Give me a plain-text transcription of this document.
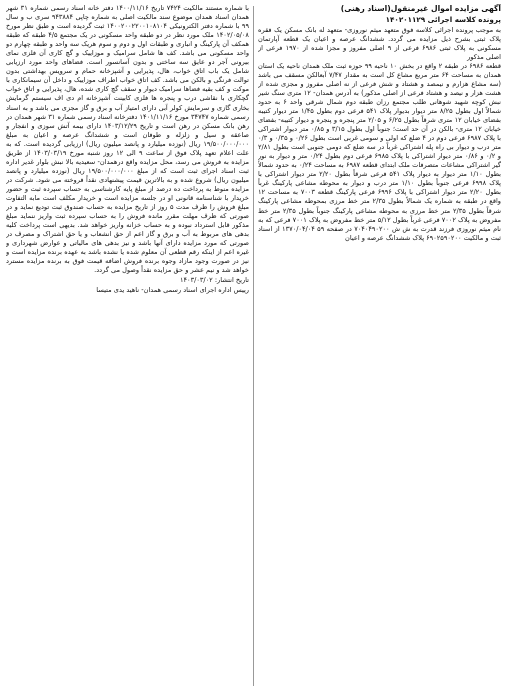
آگهی مزایده اموال غیرمنقول(اسناد رهنی)

پرونده کلاسه اجرائی ۱۴۰۲۰۱۱۲۹

به موجب پرونده اجرائی کلاسه فوق متعهد میثم نوروزی- متعهد له بانک مسکن یک فقره پلاک ثبتی بشرح ذیل مزایده می گردد. ششدانگ عرصه و اعیان یک قطعه آپارتمان مسکونی به پلاک ثبتی ۶۹۸۶ فرعی از ۹ اصلی مفروز و مجزا شده از ۱۹۷۰ فرعی از اصلی مذکور

قطعه ۶۹۸۶ در طبقه ۲ واقع در بخش ۱۰ ناحیه ۹۹ حوزه ثبت ملک همدان ناحیه یک استان همدان به مساحت ۶۴ متر مربع مشاع کل است به مقدار ۷/۴۷ آبعالکن مسقف می باشد (سه مشاع هزارم و نیمصد و هشتاد و شش فرعی از نه اصلی مفروز و مجزی شده از هشت هزار و نیصد و هشتاد فرعی از اصلی مذکور) به آدرس همدان- ۱۲ متری سنگ شیر نبش کوچه شهید شوهانی طلب مجتمع رزان طبقه دوم شمال شرقی واحد ۶ به حدود شمالاً اول بطول ۸/۲۵ متر دیوار بدیوار پلاک ۵۴۱ فرعی دوم بطول ۱/۴۵ متر دیوار کتیبه بفضای خیابان ۱۲ متری شرقاً بطول ۶/۲۵ و ۲/۰۵ متر پنجره و پنجره و دیوار کتیبه- بفضای خیابان ۱۲ متری- بالکن در آن حد است؛ جنوباً اول بطول ۳/۱۵ و ۰/۸۵ متر دیوار اشتراکی با پلاک ۶۹۸۷ فرعی دوم در ۴ ضلع که اولی و سومی غربی است بطول ۰/۲۶ و ۰/۳۵ و ۰/۳ متر درب و دیوار بی راه پله اشتراکی غرباً در سه ضلع که دومی جنوبی است بطول ۲/۸۱ و ۰/۲ و ۰/۸۶ متر دیوار اشتراکی با پلاک ۶۹۸۵ فرعی دوم بطول ۰/۲۴ متر و دیوار به نور گیر اشتراکی مشاعات متصرفات ملک ابتدای قطعه ۶۹۸۷ به مساحت ۰/۲۴ به حدود شمالاً بطول ۱/۱۰ متر دیوار به دیوار پلاک ۵۴۱ فرعی شرقاً بطول ۲/۲۰ متر دیوار اشتراکی با پلاک ۶۹۹۸ فرعی جنوباً بطول ۱/۱۰ متر درب و دیوار به محوطه مشاعی پارکینگ غرباً بطول ۲/۲۰ متر دیوار اشتراکی با پلاک ۶۹۹۶ فرعی پارکینگ قطعه ۷۰۰۳ به مساحت ۱۲ واقع در طبقه به شماره یک شمالاً بطول ۲/۳۵ متر خط مرزی بمحوطه مشاعی پارکینگ شرقاً بطول ۲/۳۵ متر خط مرزی به محوطه مشاعی پارکینگ جنوباً بطول ۲/۳۵ متر خط مفروض به پلاک ۷۰۰۲ فرعی غرباً بطول ۵/۱۲ متر خط مفروض به پلاک ۷۰۰۱ فرعی که به نام میثم نوروزی فرزند قدرت به ش ش ۷۰۴۰۴۹۰۲۰۰ در صفحه ۵۹ ۱۳۷۰/۰۴/۰۴ از اسناد ثبت و مالکیت ۶۹۰۲۵۹۰۲۰۰ پلاک ششدانگ عرصه و اعیان

با شماره مستند مالکیت ۷۴۲۴ تاریخ ۱۴۰۰/۱۱/۱۶ دفتر خانه اسناد رسمی شماره ۳۱ شهر همدان اسناد همدان موضوع سند مالکیت اصلی به شماره چاپی ۹۴۳۸۸۴ سری ب و سال ۹۹ با شماره دفتر الکترونیکی ۱۴۰۰۲۰۰۲۲۰۰۱۰۸۱۰۴ ثبت گردیده است و طبق نظر مورخ ۱۴۰۲/۰۵/۰۸ ملک مورد نظر در دو طبقه واحد مسکونی در یک مجتمع ۴/۵ طبقه که طبقه همکف آن پارکینگ و انباری و طبقات اول و دوم و سوم هریک سه واحد و طبقه چهارم دو واحد مسکونی می باشد. کف ها شامل سرامیک و موزاییک و گچ کاری آن فلزی نمای بیرونی آجر دو عایق سه ساختی و بدون آسانسور است. فضاهای واحد مورد ارزیابی شامل یک باب اتاق خواب، هال، پذیرایی و آشپزخانه حمام و سرویس بهداشتی بدون توالت فرنگی و بالکن می باشد. کف اتاق خواب اطراف موزاییک و داخل آن سیمانکاری با موکت و کف بقیه فضاها سرامیک دیوار و سقف گچ کاری شده، هال، پذیرایی و اتاق خواب گچکاری با نقاشی درب و پنجره ها فلزی کابینت آشپزخانه ام دی اف سیستم گرمایش بخاری گازی و سرمایش کولر آبی دارای امتیاز آب و برق و گاز مجزی می باشد و به اسناد رسمی شماره ۳۴۷۴۷ مورخ ۱۴۰۱/۱۱/۱۶ دفترخانه اسناد رسمی شماره ۳۱ شهر همدان در رهن بانک مسکن در رهن است و تاریخ ۱۴۰۳/۱۲/۲۹ دارای بیمه آتش سوزی و انفجار و صاعقه و سیل و زلزله و طوفان است و ششدانگ عرصه و اعیان به مبلغ ۱۹/۵۰۰/۰۰۰/۰۰۰ ریال (نوزده میلیارد و پانصد میلیون ریال) ارزیابی گردیده است. که به علت اعلام تعهد پلاک فوق از ساعت ۹ الی ۱۲ روز شنبه مورخ ۱۴۰۳/۰۳/۱۹ از طریق مزایده به فروش می رسد، محل مزایده واقع درهمدان- سعیدیه بالا نبش بلوار غدیر اداره ثبت اسناد اجرای ثبت است که از مبلغ ۱۹/۵۰۰/۰۰۰/۰۰۰ ریال (نوزده میلیارد و پانصد میلیون ریال) شروع شده و به بالاترین قیمت پیشنهادی نقداً فروخته می شود. شرکت در مزایده منوط به پرداخت ده درصد از مبلغ پایه کارشناسی به حساب سپرده ثبت و حضور خریدار با شناسنامه قانونی او در جلسه مزایده است و خریدار مکلف است مابه التفاوت مبلغ فروش را ظرف مدت ۵ روز از تاریخ مزایده به حساب صندوق ثبت تودیع نماید و در صورتی که ظرف مهلت مقرر مانده فروش را به حساب سپرده ثبت واریز ننماید مبلغ مذکور قابل استرداد نبوده و به حساب خزانه واریز خواهد شد. بدیهی است پرداخت کلیه بدهی های مربوط به آب و برق و گاز اعم از حق انشعاب و یا حق اشتراک و مصرف در صورتی که مورد مزایده دارای آنها باشد و نیز بدهی های مالیاتی و عوارض شهرداری و غیره اعم از اینکه رقم قطعی آن معلوم شده یا نشده باشد به عهده برنده مزایده است و نیز در صورت وجود مازاد وجوه برنده فروش اضافه قیمت فوق به برنده مزایده مسترد خواهد شد و نیم عشر و حق مزایده نقداً وصول می گردد.

تاریخ انتشار: ۱۴۰۳/۰۳/۰۲

رییس اداره اجرای اسناد رسمی همدان- ناهید یدی متیسا
